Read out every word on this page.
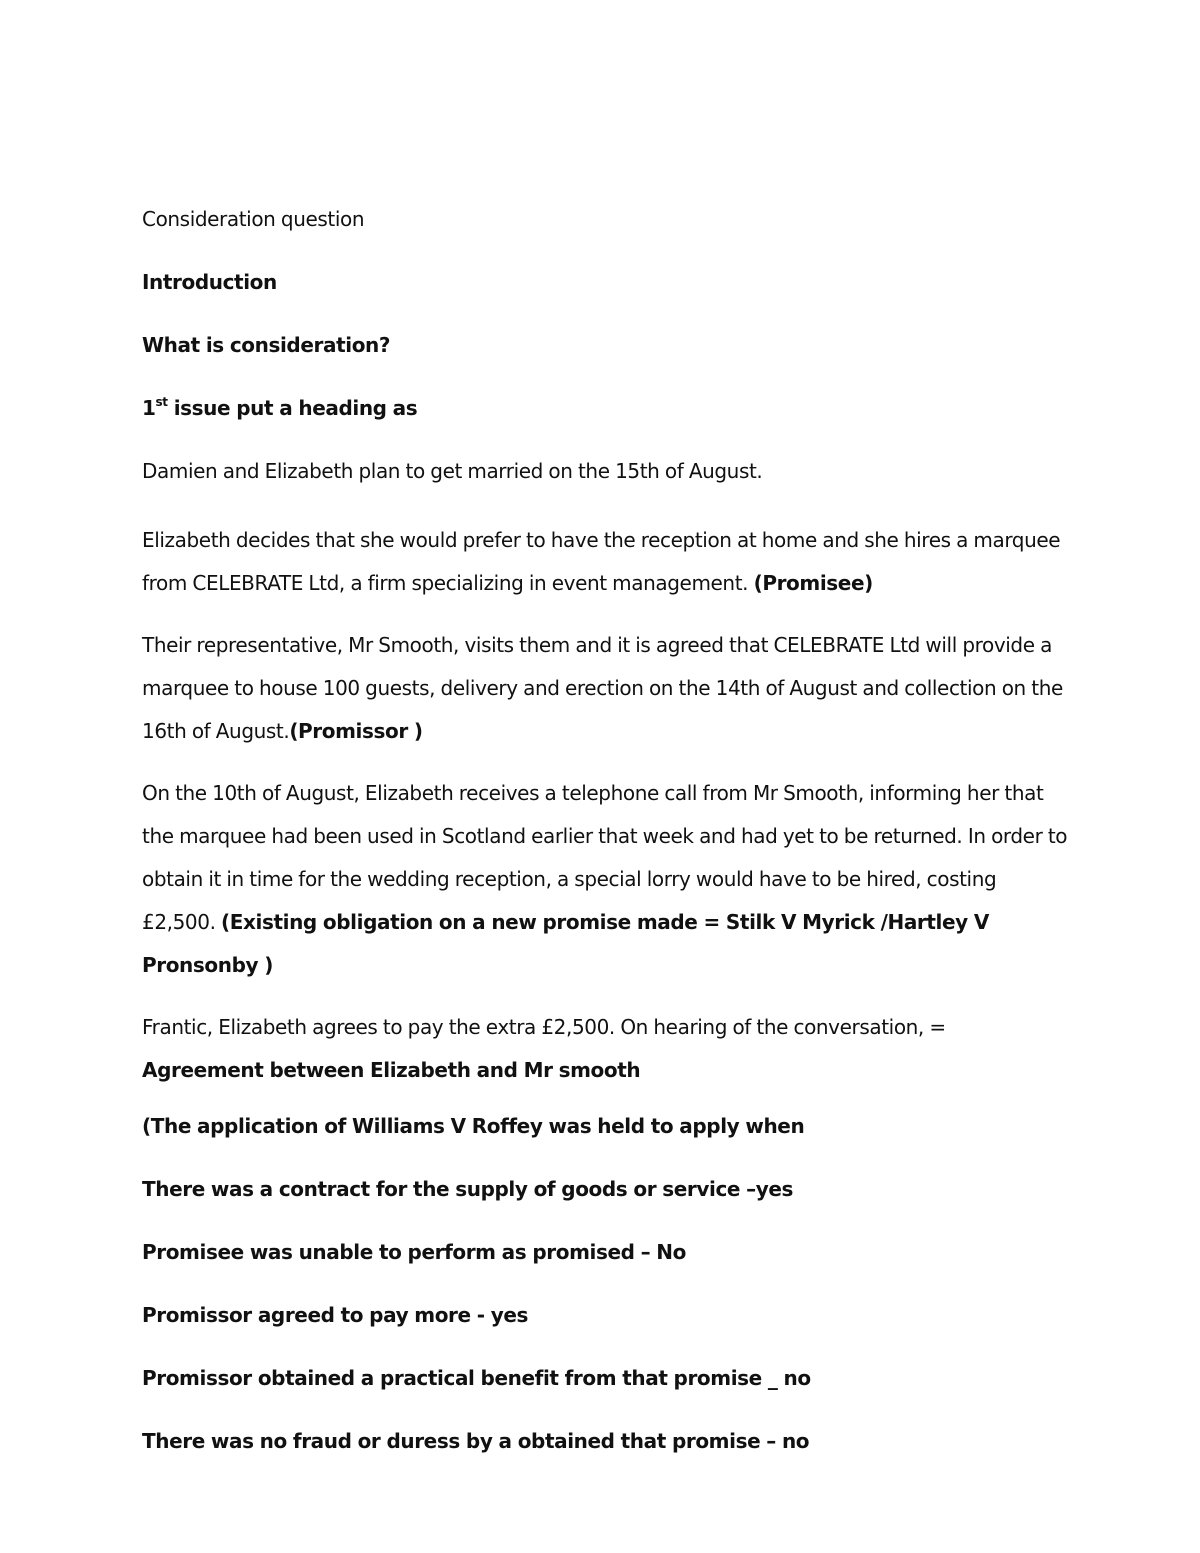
Consideration question

Introduction

What is consideration?

1st issue put a heading as

Damien and Elizabeth plan to get married on the 15th of August.

Elizabeth decides that she would prefer to have the reception at home and she hires a marquee from CELEBRATE Ltd, a firm specializing in event management. (Promisee)

Their representative, Mr Smooth, visits them and it is agreed that CELEBRATE Ltd will provide a marquee to house 100 guests, delivery and erection on the 14th of August and collection on the 16th of August.(Promissor )

On the 10th of August, Elizabeth receives a telephone call from Mr Smooth, informing her that the marquee had been used in Scotland earlier that week and had yet to be returned. In order to obtain it in time for the wedding reception, a special lorry would have to be hired, costing £2,500. (Existing obligation on a new promise made = Stilk V Myrick /Hartley V Pronsonby )

Frantic, Elizabeth agrees to pay the extra £2,500. On hearing of the conversation, = Agreement between Elizabeth and Mr smooth

(The application of Williams V Roffey was held to apply when

There was a contract for the supply of goods or service –yes

Promisee was unable to perform as promised – No

Promissor agreed to pay more - yes

Promissor obtained a practical benefit from that promise _ no

There was no fraud or duress by a obtained that promise – no
